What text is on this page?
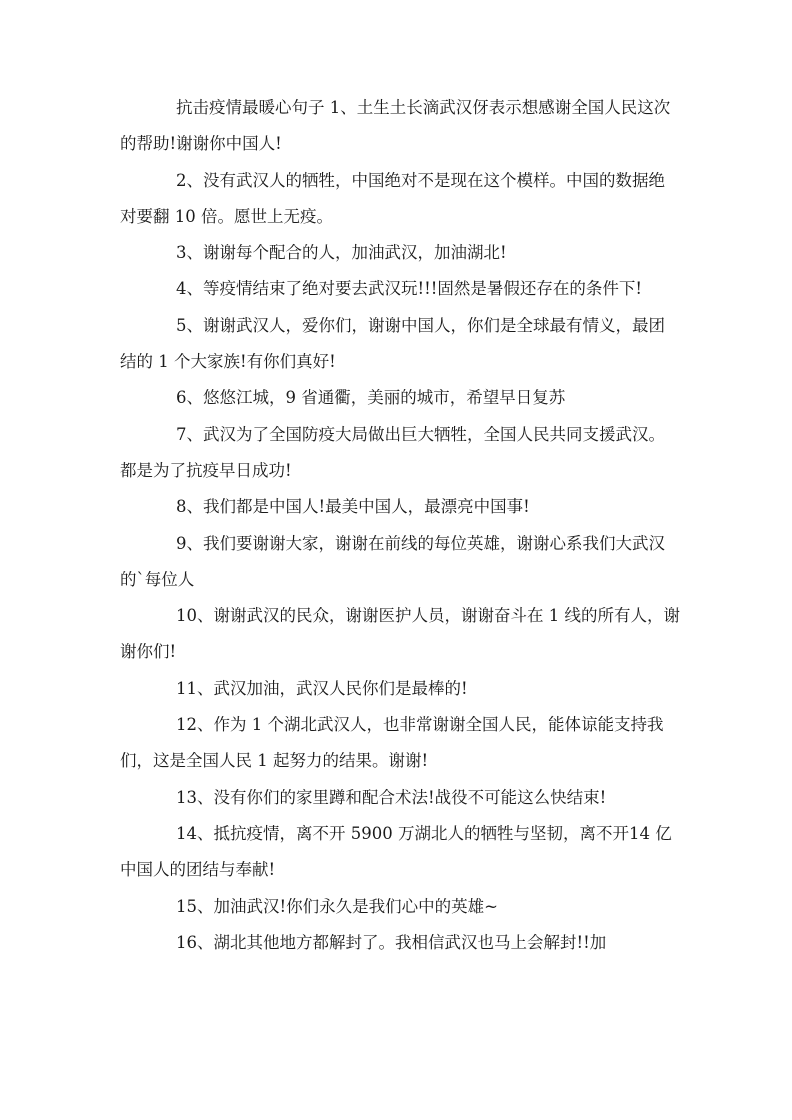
抗击疫情最暖心句子 1、土生土长滴武汉伢表示想感谢全国人民这次的帮助!谢谢你中国人!

2、没有武汉人的牺牲，中国绝对不是现在这个模样。中国的数据绝对要翻 10 倍。愿世上无疫。

3、谢谢每个配合的人，加油武汉，加油湖北!

4、等疫情结束了绝对要去武汉玩!!!固然是暑假还存在的条件下!

5、谢谢武汉人，爱你们，谢谢中国人，你们是全球最有情义，最团结的 1 个大家族!有你们真好!

6、悠悠江城，9 省通衢，美丽的城市，希望早日复苏

7、武汉为了全国防疫大局做出巨大牺牲，全国人民共同支援武汉。都是为了抗疫早日成功!

8、我们都是中国人!最美中国人，最漂亮中国事!

9、我们要谢谢大家，谢谢在前线的每位英雄，谢谢心系我们大武汉的`每位人

10、谢谢武汉的民众，谢谢医护人员，谢谢奋斗在 1 线的所有人，谢谢你们!

11、武汉加油，武汉人民你们是最棒的!

12、作为 1 个湖北武汉人，也非常谢谢全国人民，能体谅能支持我们，这是全国人民 1 起努力的结果。谢谢!

13、没有你们的家里蹲和配合术法!战役不可能这么快结束!

14、抵抗疫情，离不开 5900 万湖北人的牺牲与坚韧，离不开14 亿中国人的团结与奉献!

15、加油武汉!你们永久是我们心中的英雄~

16、湖北其他地方都解封了。我相信武汉也马上会解封!!加
